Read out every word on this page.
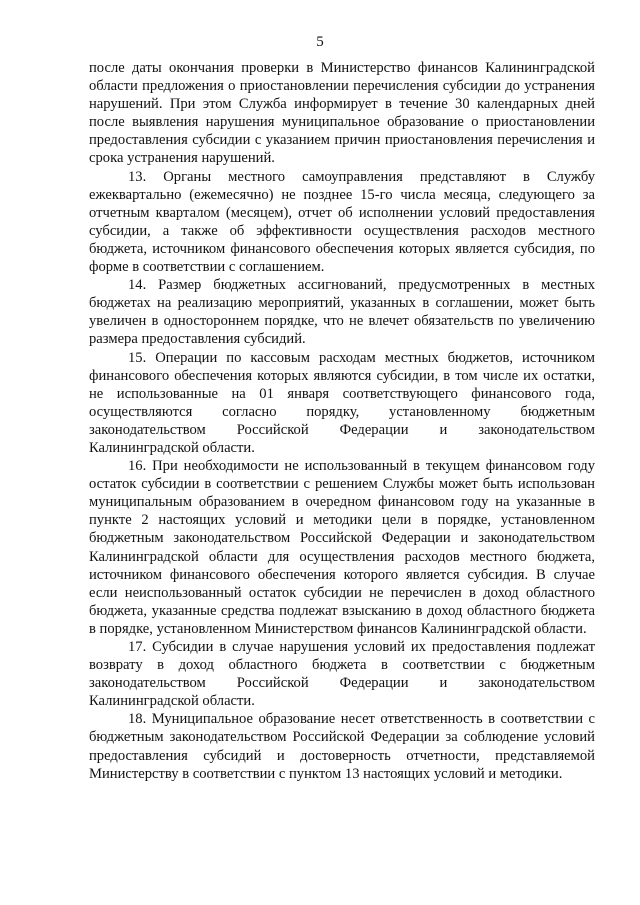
5

после даты окончания проверки в Министерство финансов Калининградской области предложения о приостановлении перечисления субсидии до устранения нарушений. При этом Служба информирует в течение 30 календарных дней после выявления нарушения муниципальное образование о приостановлении предоставления субсидии с указанием причин приостановления перечисления и срока устранения нарушений.

13. Органы местного самоуправления представляют в Службу ежеквартально (ежемесячно) не позднее 15-го числа месяца, следующего за отчетным кварталом (месяцем), отчет об исполнении условий предоставления субсидии, а также об эффективности осуществления расходов местного бюджета, источником финансового обеспечения которых является субсидия, по форме в соответствии с соглашением.

14. Размер бюджетных ассигнований, предусмотренных в местных бюджетах на реализацию мероприятий, указанных в соглашении, может быть увеличен в одностороннем порядке, что не влечет обязательств по увеличению размера предоставления субсидий.

15. Операции по кассовым расходам местных бюджетов, источником финансового обеспечения которых являются субсидии, в том числе их остатки, не использованные на 01 января соответствующего финансового года, осуществляются согласно порядку, установленному бюджетным законодательством Российской Федерации и законодательством Калининградской области.

16. При необходимости не использованный в текущем финансовом году остаток субсидии в соответствии с решением Службы может быть использован муниципальным образованием в очередном финансовом году на указанные в пункте 2 настоящих условий и методики цели в порядке, установленном бюджетным законодательством Российской Федерации и законодательством Калининградской области для осуществления расходов местного бюджета, источником финансового обеспечения которого является субсидия. В случае если неиспользованный остаток субсидии не перечислен в доход областного бюджета, указанные средства подлежат взысканию в доход областного бюджета в порядке, установленном Министерством финансов Калининградской области.

17. Субсидии в случае нарушения условий их предоставления подлежат возврату в доход областного бюджета в соответствии с бюджетным законодательством Российской Федерации и законодательством Калининградской области.

18. Муниципальное образование несет ответственность в соответствии с бюджетным законодательством Российской Федерации за соблюдение условий предоставления субсидий и достоверность отчетности, представляемой Министерству в соответствии с пунктом 13 настоящих условий и методики.
